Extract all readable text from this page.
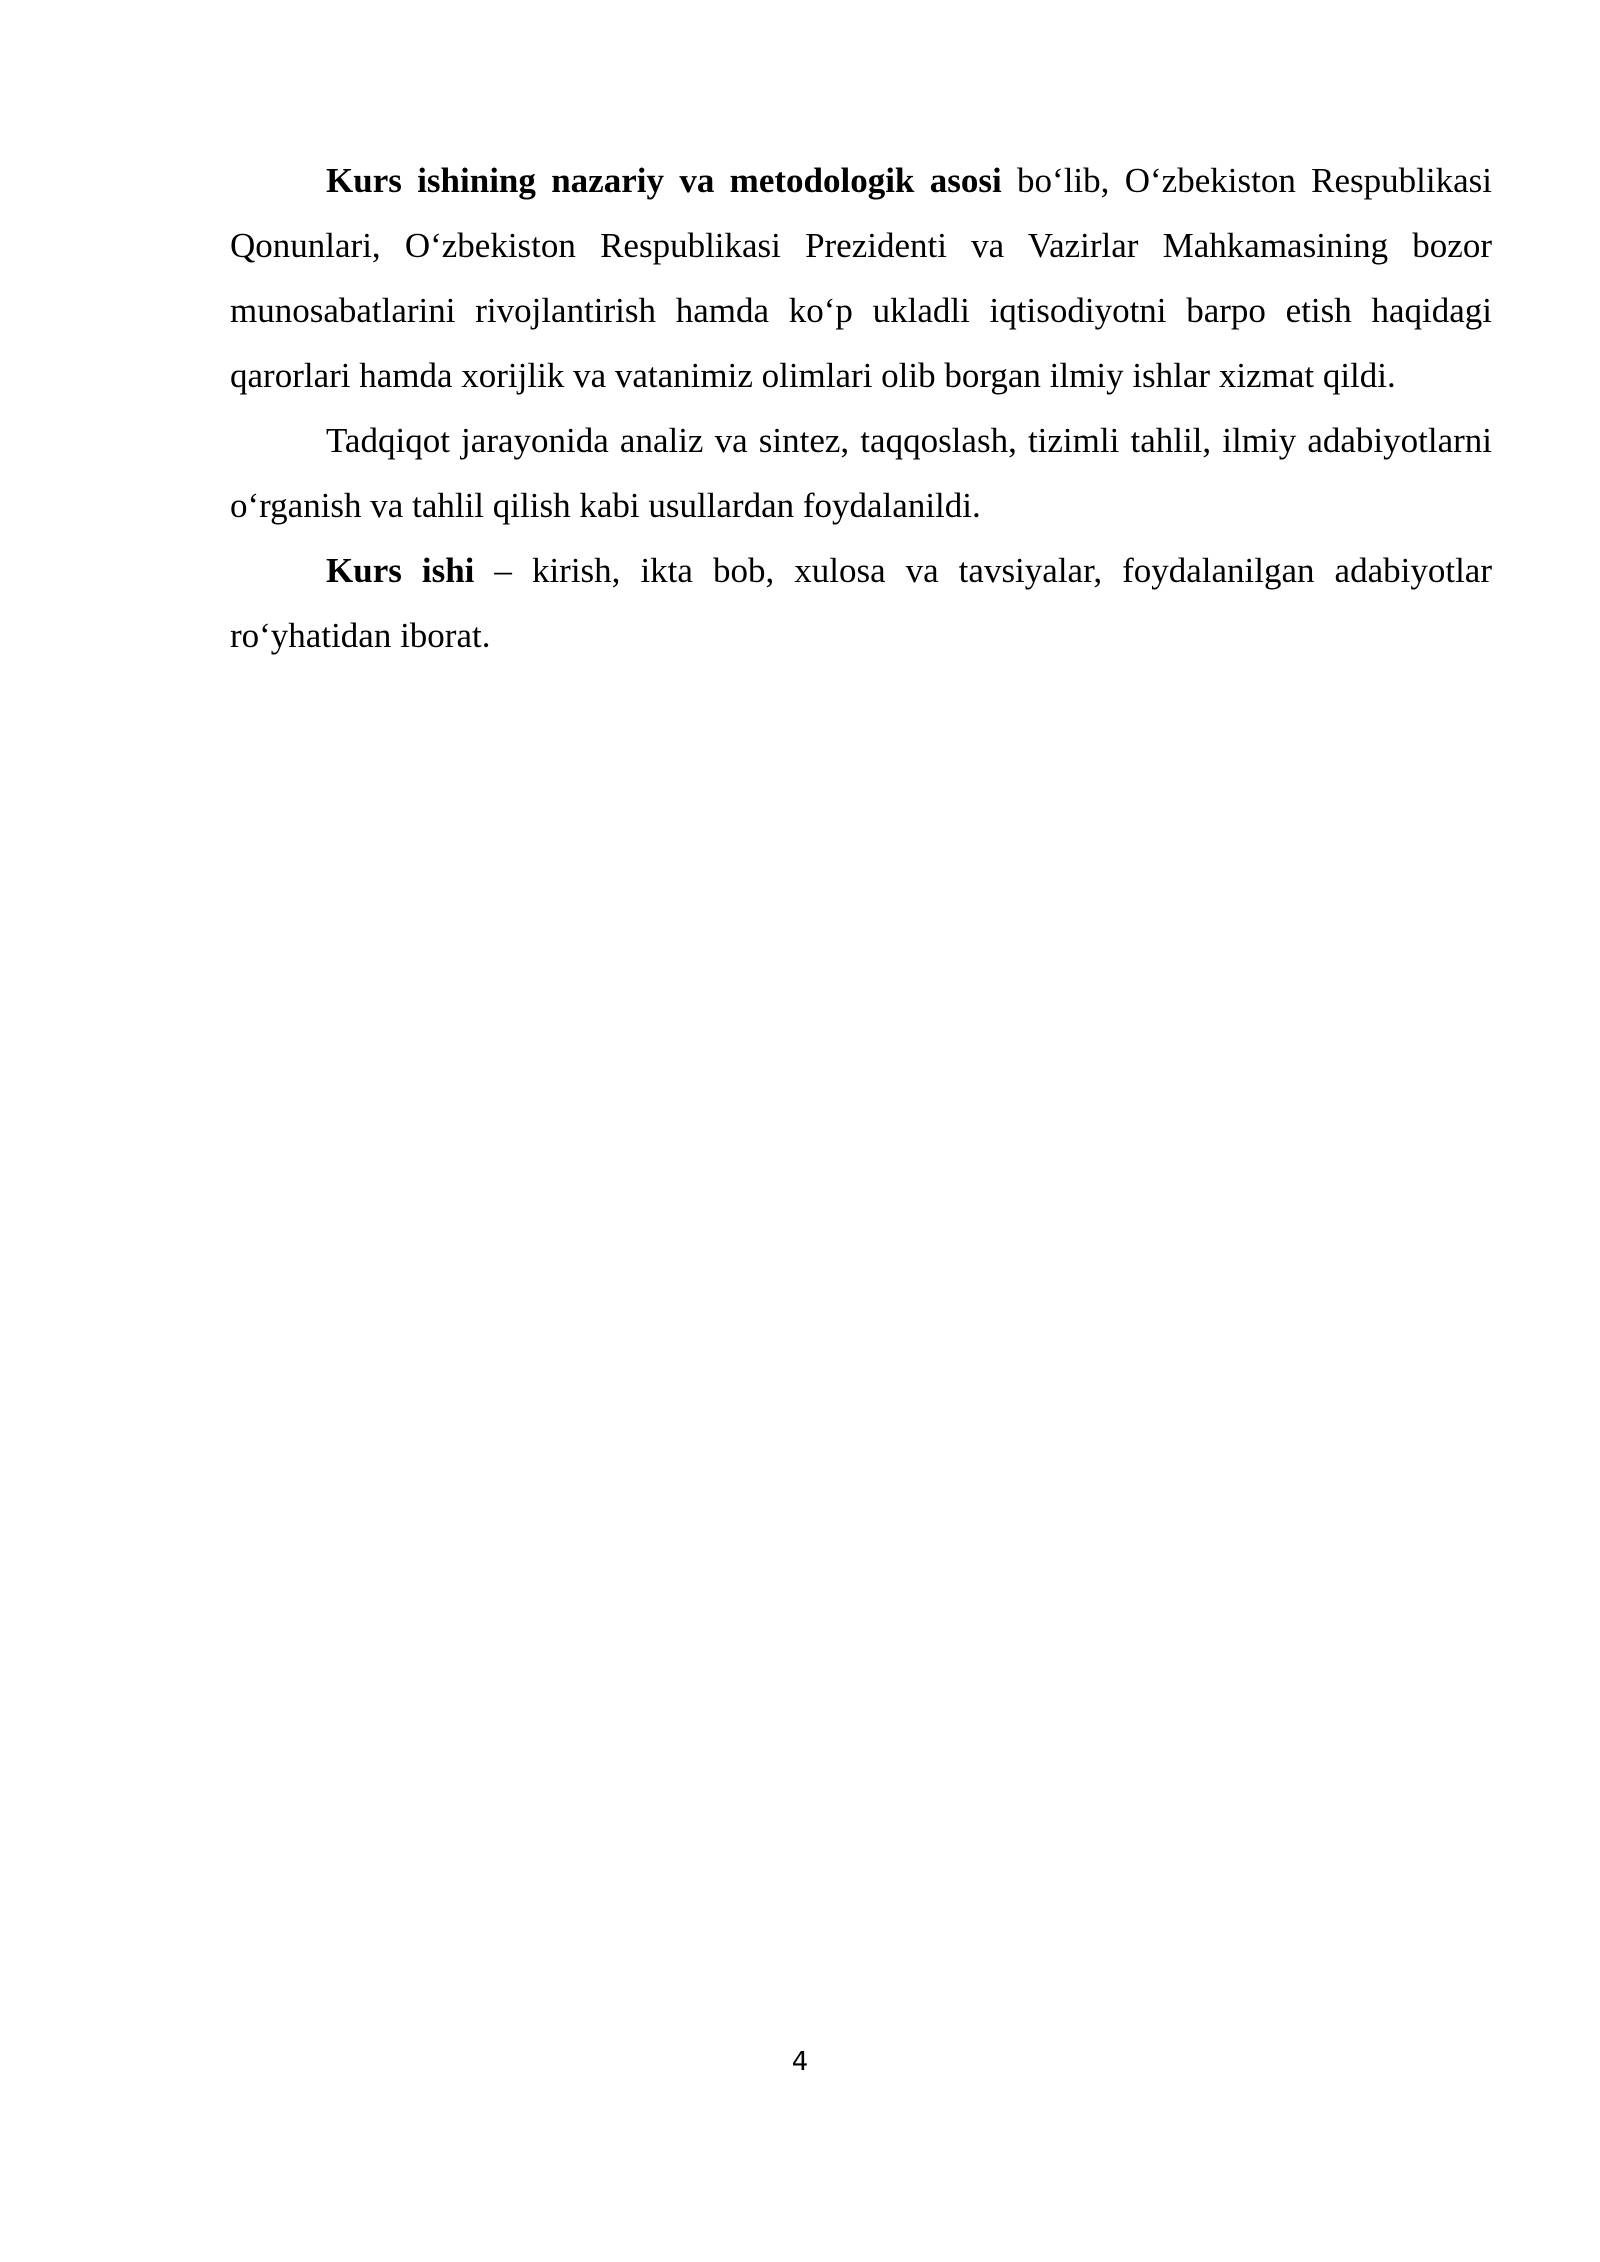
Kurs ishining nazariy va metodologik asosi bo‘lib, O‘zbekiston Respublikasi Qonunlari, O‘zbekiston Respublikasi Prezidenti va Vazirlar Mahkamasining bozor munosabatlarini rivojlantirish hamda ko‘p ukladli iqtisodiyotni barpo etish haqidagi qarorlari hamda xorijlik va vatanimiz olimlari olib borgan ilmiy ishlar xizmat qildi.

Tadqiqot jarayonida analiz va sintez, taqqoslash, tizimli tahlil, ilmiy adabiyotlarni o‘rganish va tahlil qilish kabi usullardan foydalanildi.

Kurs ishi – kirish, ikta bob, xulosa va tavsiyalar, foydalanilgan adabiyotlar ro‘yhatidan iborat.

4
